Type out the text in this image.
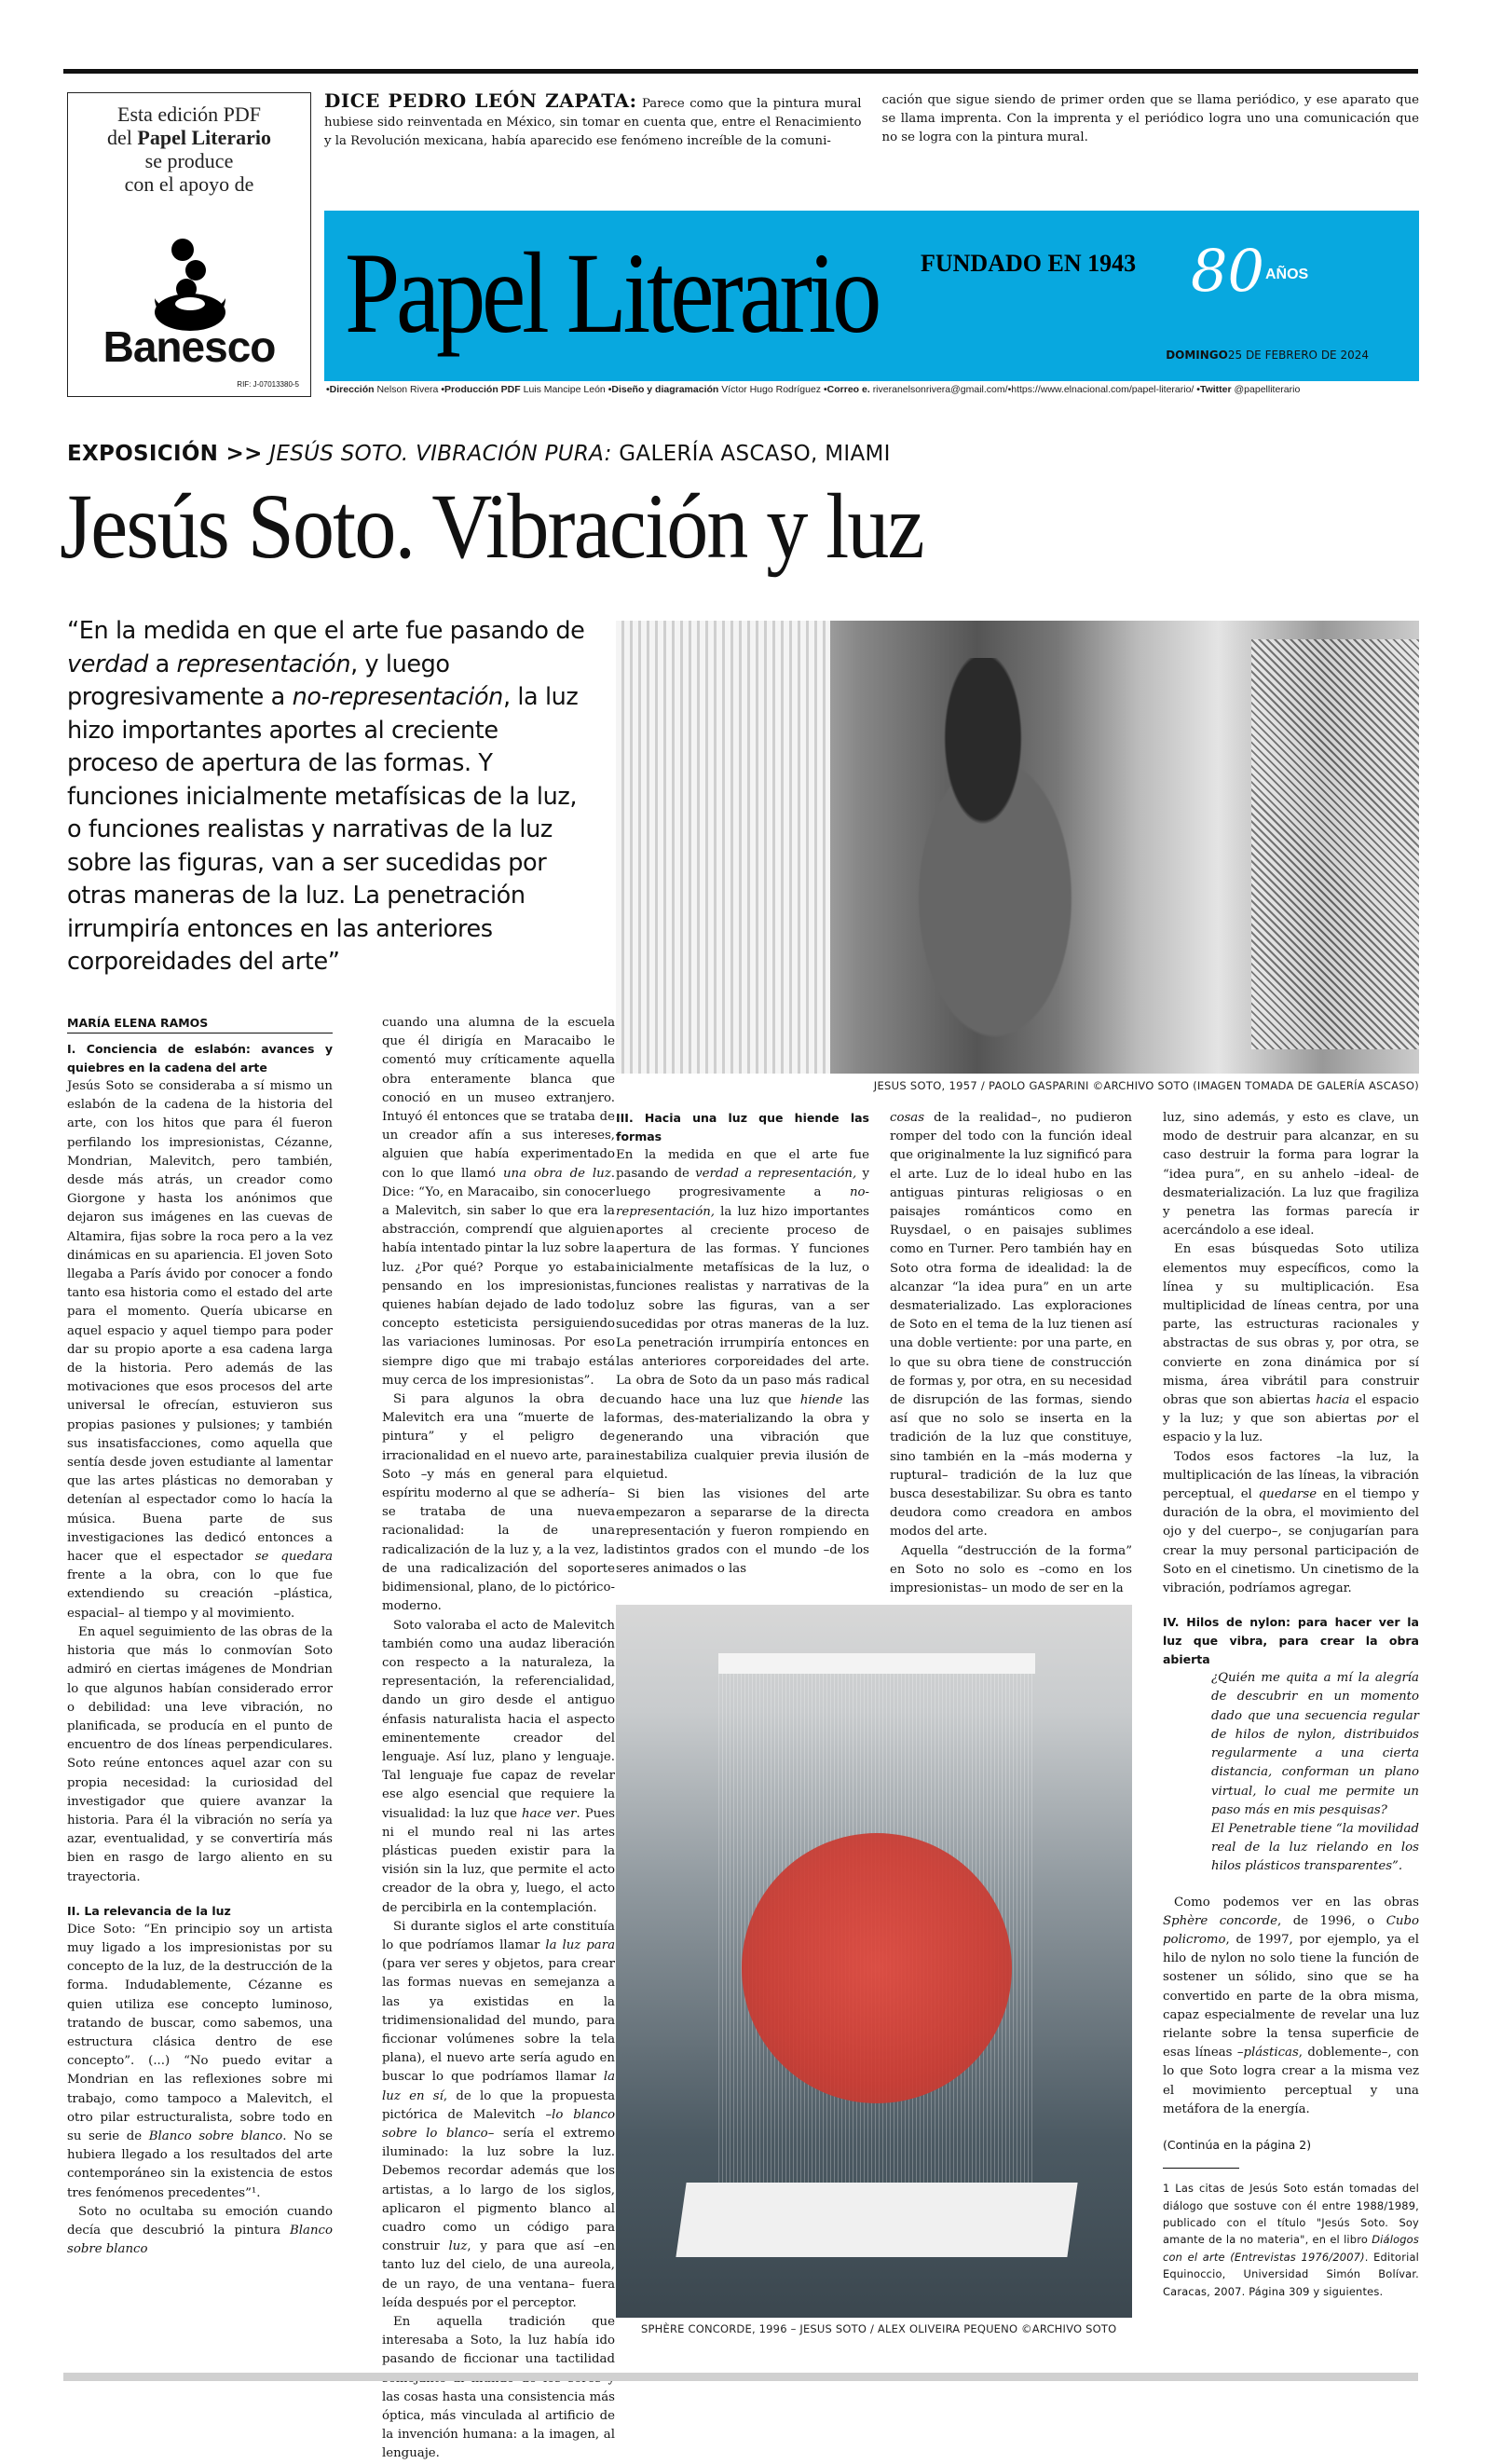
Esta edición PDF
del Papel Literario
se produce
con el apoyo de
Banesco
RIF: J-07013380-5
DICE PEDRO LEÓN ZAPATA: Parece como que la pintura mural hubiese sido reinventada en México, sin tomar en cuenta que, entre el Renacimiento y la Revolución mexicana, había aparecido ese fenómeno increíble de la comuni-
cación que sigue siendo de primer orden que se llama periódico, y ese aparato que se llama imprenta. Con la imprenta y el periódico logra uno una comunicación que no se logra con la pintura mural.
Papel Literario FUNDADO EN 1943 80 AÑOS
DOMINGO25 DE FEBRERO DE 2024
•Dirección Nelson Rivera •Producción PDF Luis Mancipe León •Diseño y diagramación Víctor Hugo Rodríguez •Correo e. riveranelsonrivera@gmail.com/•https://www.elnacional.com/papel-literario/ •Twitter @papelliterario
EXPOSICIÓN >> JESÚS SOTO. VIBRACIÓN PURA: GALERÍA ASCASO, MIAMI
Jesús Soto. Vibración y luz
“En la medida en que el arte fue pasando de verdad a representación, y luego progresivamente a no-representación, la luz hizo importantes aportes al creciente proceso de apertura de las formas. Y funciones inicialmente metafísicas de la luz, o funciones realistas y narrativas de la luz sobre las figuras, van a ser sucedidas por otras maneras de la luz. La penetración irrumpiría entonces en las anteriores corporeidades del arte”
JESUS SOTO, 1957 / PAOLO GASPARINI ©ARCHIVO SOTO (IMAGEN TOMADA DE GALERÍA ASCASO)
MARÍA ELENA RAMOS
I. Conciencia de eslabón: avances y quiebres en la cadena del arte

Jesús Soto se consideraba a sí mismo un eslabón de la cadena de la historia del arte, con los hitos que para él fueron perfilando los impresionistas, Cézanne, Mondrian, Malevitch, pero también, desde más atrás, un creador como Giorgone y hasta los anónimos que dejaron sus imágenes en las cuevas de Altamira, fijas sobre la roca pero a la vez dinámicas en su apariencia. El joven Soto llegaba a París ávido por conocer a fondo tanto esa historia como el estado del arte para el momento. Quería ubicarse en aquel espacio y aquel tiempo para poder dar su propio aporte a esa cadena larga de la historia. Pero además de las motivaciones que esos procesos del arte universal le ofrecían, estuvieron sus propias pasiones y pulsiones; y también sus insatisfacciones, como aquella que sentía desde joven estudiante al lamentar que las artes plásticas no demoraban y detenían al espectador como lo hacía la música. Buena parte de sus investigaciones las dedicó entonces a hacer que el espectador se quedara frente a la obra, con lo que fue extendiendo su creación –plástica, espacial– al tiempo y al movimiento.

En aquel seguimiento de las obras de la historia que más lo conmovían Soto admiró en ciertas imágenes de Mondrian lo que algunos habían considerado error o debilidad: una leve vibración, no planificada, se producía en el punto de encuentro de dos líneas perpendiculares. Soto reúne entonces aquel azar con su propia necesidad: la curiosidad del investigador que quiere avanzar la historia. Para él la vibración no sería ya azar, eventualidad, y se convertiría más bien en rasgo de largo aliento en su trayectoria.

II. La relevancia de la luz

Dice Soto: “En principio soy un artista muy ligado a los impresionistas por su concepto de la luz, de la destrucción de la forma. Indudablemente, Cézanne es quien utiliza ese concepto luminoso, tratando de buscar, como sabemos, una estructura clásica dentro de ese concepto”. (...) “No puedo evitar a Mondrian en las reflexiones sobre mi trabajo, como tampoco a Malevitch, el otro pilar estructuralista, sobre todo en su serie de Blanco sobre blanco. No se hubiera llegado a los resultados del arte contemporáneo sin la existencia de estos tres fenómenos precedentes”¹.

Soto no ocultaba su emoción cuando decía que descubrió la pintura Blanco sobre blanco

cuando una alumna de la escuela que él dirigía en Maracaibo le comentó muy críticamente aquella obra enteramente blanca que conoció en un museo extranjero. Intuyó él entonces que se trataba de un creador afín a sus intereses, alguien que había experimentado con lo que llamó una obra de luz. Dice: “Yo, en Maracaibo, sin conocer a Malevitch, sin saber lo que era la abstracción, comprendí que alguien había intentado pintar la luz sobre la luz. ¿Por qué? Porque yo estaba pensando en los impresionistas, quienes habían dejado de lado todo concepto esteticista persiguiendo las variaciones luminosas. Por eso siempre digo que mi trabajo está muy cerca de los impresionistas”.

Si para algunos la obra de Malevitch era una “muerte de la pintura” y el peligro de irracionalidad en el nuevo arte, para Soto –y más en general para el espíritu moderno al que se adhería– se trataba de una nueva racionalidad: la de una radicalización de la luz y, a la vez, la de una radicalización del soporte bidimensional, plano, de lo pictórico-moderno.

Soto valoraba el acto de Malevitch también como una audaz liberación con respecto a la naturaleza, la representación, la referencialidad, dando un giro desde el antiguo énfasis naturalista hacia el aspecto eminentemente creador del lenguaje. Así luz, plano y lenguaje. Tal lenguaje fue capaz de revelar ese algo esencial que requiere la visualidad: la luz que hace ver. Pues ni el mundo real ni las artes plásticas pueden existir para la visión sin la luz, que permite el acto creador de la obra y, luego, el acto de percibirla en la contemplación.

Si durante siglos el arte constituía lo que podríamos llamar la luz para (para ver seres y objetos, para crear las formas nuevas en semejanza a las ya existidas en la tridimensionalidad del mundo, para ficcionar volúmenes sobre la tela plana), el nuevo arte sería agudo en buscar lo que podríamos llamar la luz en sí, de lo que la propuesta pictórica de Malevitch –lo blanco sobre lo blanco– sería el extremo iluminado: la luz sobre la luz. Debemos recordar además que los artistas, a lo largo de los siglos, aplicaron el pigmento blanco al cuadro como un código para construir luz, y para que así –en tanto luz del cielo, de una aureola, de un rayo, de una ventana– fuera leída después por el perceptor.

En aquella tradición que interesaba a Soto, la luz había ido pasando de ficcionar una tactilidad las cosas hasta una consistencia más óptica, más vinculada al artificio de la invención humana: a la imagen, al lenguaje.

III. Hacia una luz que hiende las formas

En la medida en que el arte fue pasando de verdad a representación, y luego progresivamente a no-representación, la luz hizo importantes aportes al creciente proceso de apertura de las formas. Y funciones inicialmente metafísicas de la luz, o funciones realistas y narrativas de la luz sobre las figuras, van a ser sucedidas por otras maneras de la luz. La penetración irrumpiría entonces en las anteriores corporeidades del arte. La obra de Soto da un paso más radical cuando hace una luz que hiende las formas, des-materializando la obra y generando una vibración que inestabiliza cualquier previa ilusión de quietud.

Si bien las visiones del arte empezaron a separarse de la directa representación y fueron rompiendo en distintos grados con el mundo –de los seres animados o las

cosas de la realidad–, no pudieron romper del todo con la función ideal que originalmente la luz significó para el arte. Luz de lo ideal hubo en las antiguas pinturas religiosas o en paisajes románticos como en Ruysdael, o en paisajes sublimes como en Turner. Pero también hay en Soto otra forma de idealidad: la de alcanzar “la idea pura” en un arte desmaterializado. Las exploraciones de Soto en el tema de la luz tienen así una doble vertiente: por una parte, en lo que su obra tiene de construcción de formas y, por otra, en su necesidad de disrupción de las formas, siendo así que no solo se inserta en la tradición de la luz que constituye, sino también en la –más moderna y ruptural– tradición de la luz que busca desestabilizar. Su obra es tanto deudora como creadora en ambos modos del arte.

Aquella “destrucción de la forma” en Soto no solo es –como en los impresionistas– un modo de ser en la

luz, sino además, y esto es clave, un modo de destruir para alcanzar, en su caso destruir la forma para lograr la “idea pura”, en su anhelo –ideal- de desmaterialización. La luz que fragiliza y penetra las formas parecía ir acercándolo a ese ideal.

En esas búsquedas Soto utiliza elementos muy específicos, como la línea y su multiplicación. Esa multiplicidad de líneas centra, por una parte, las estructuras racionales y abstractas de sus obras y, por otra, se convierte en zona dinámica por sí misma, área vibrátil para construir obras que son abiertas hacia el espacio y la luz; y que son abiertas por el espacio y la luz.

Todos esos factores –la luz, la multiplicación de las líneas, la vibración perceptual, el quedarse en el tiempo y duración de la obra, el movimiento del ojo y del cuerpo–, se conjugarían para crear la muy personal participación de Soto en el cinetismo. Un cinetismo de la vibración, podríamos agregar.

IV. Hilos de nylon: para hacer ver la luz que vibra, para crear la obra abierta

¿Quién me quita a mí la alegría de descubrir en un momento dado que una secuencia regular de hilos de nylon, distribuidos regularmente a una cierta distancia, conforman un plano virtual, lo cual me permite un paso más en mis pesquisas?

El Penetrable tiene “la movilidad real de la luz rielando en los hilos plásticos transparentes”.

Como podemos ver en las obras Sphère concorde, de 1996, o Cubo policromo, de 1997, por ejemplo, ya el hilo de nylon no solo tiene la función de sostener un sólido, sino que se ha convertido en parte de la obra misma, capaz especialmente de revelar una luz rielante sobre la tensa superficie de esas líneas –plásticas, doblemente–, con lo que Soto logra crear a la misma vez el movimiento perceptual y una metáfora de la energía.

(Continúa en la página 2)
1 Las citas de Jesús Soto están tomadas del diálogo que sostuve con él entre 1988/1989, publicado con el título "Jesús Soto. Soy amante de la no materia", en el libro Diálogos con el arte (Entrevistas 1976/2007). Editorial Equinoccio, Universidad Simón Bolívar. Caracas, 2007. Página 309 y siguientes.
SPHÈRE CONCORDE, 1996 – JESUS SOTO / ALEX OLIVEIRA PEQUENO ©ARCHIVO SOTO
